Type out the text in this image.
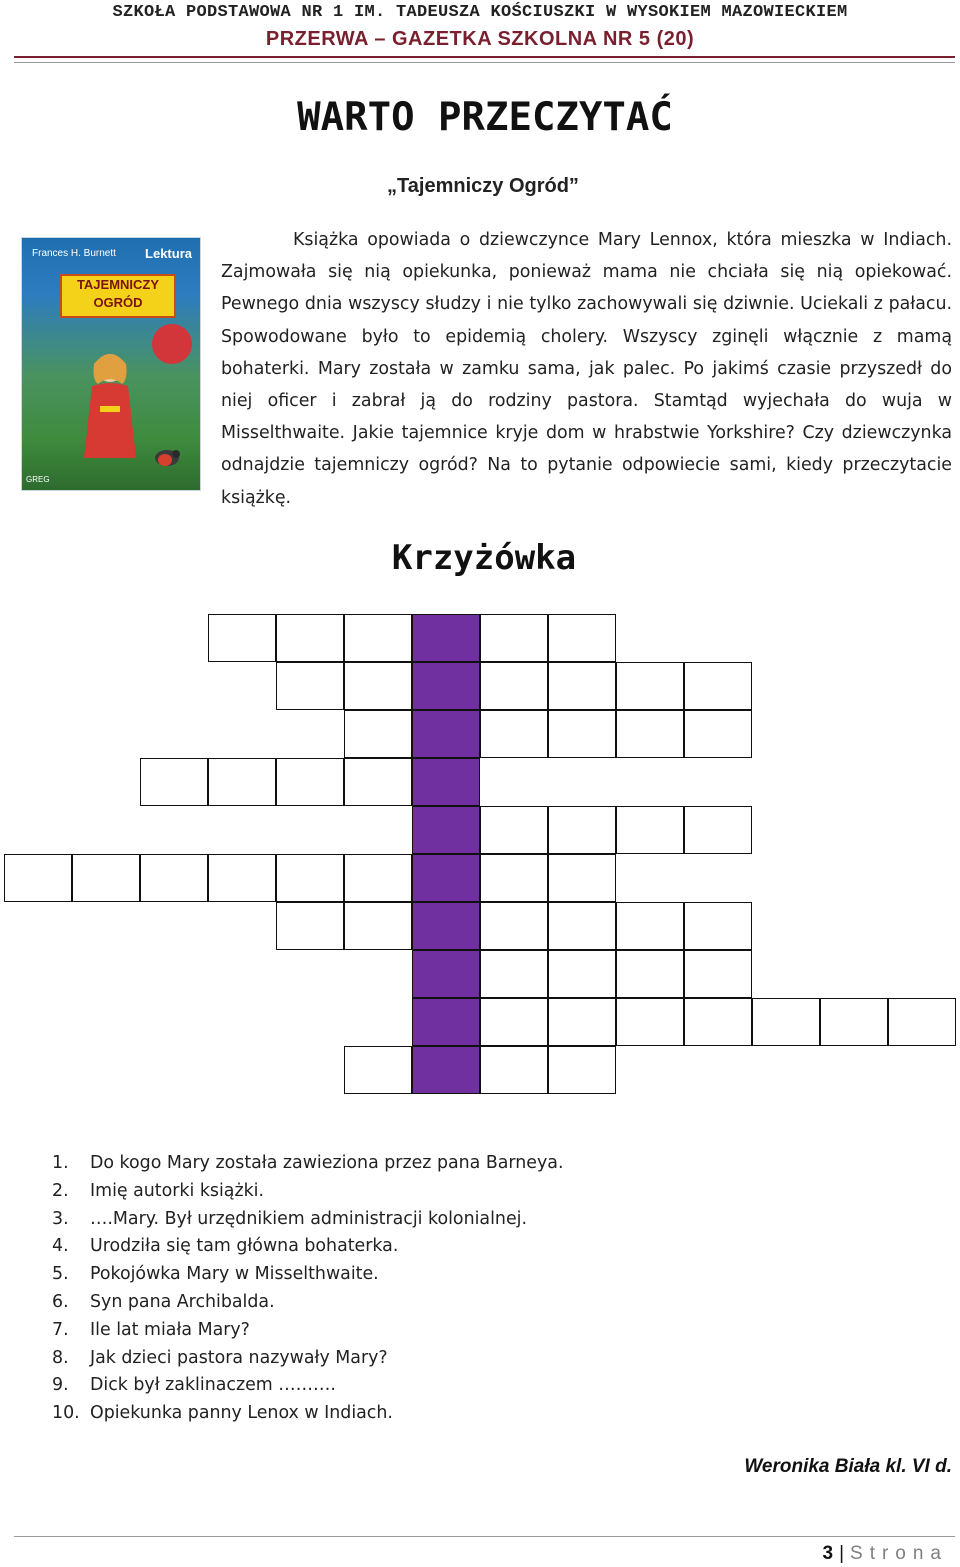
SZKOŁA PODSTAWOWA NR 1 IM. TADEUSZA KOŚCIUSZKI W WYSOKIEM MAZOWIECKIEM
PRZERWA – GAZETKA SZKOLNA NR 5 (20)
WARTO PRZECZYTAĆ
„Tajemniczy Ogród”
Frances H. Burnett Lektura
TAJEMNICZY
OGRÓD
GREG

Książka opowiada o dziewczynce Mary Lennox, która mieszka w Indiach. Zajmowała się nią opiekunka, ponieważ mama nie chciała się nią opiekować. Pewnego dnia wszyscy słudzy i nie tylko zachowywali się dziwnie. Uciekali z pałacu. Spowodowane było to epidemią cholery. Wszyscy zginęli włącznie z mamą bohaterki. Mary została w zamku sama, jak palec. Po jakimś czasie przyszedł do niej oficer i zabrał ją do rodziny pastora. Stamtąd wyjechała do wuja w Misselthwaite. Jakie tajemnice kryje dom w hrabstwie Yorkshire? Czy dziewczynka odnajdzie tajemniczy ogród? Na to pytanie odpowiecie sami, kiedy przeczytacie książkę.

Krzyżówka
1. Do kogo Mary została zawieziona przez pana Barneya.
2. Imię autorki książki.
3. ….Mary. Był urzędnikiem administracji kolonialnej.
4. Urodziła się tam główna bohaterka.
5. Pokojówka Mary w Misselthwaite.
6. Syn pana Archibalda.
7. Ile lat miała Mary?
8. Jak dzieci pastora nazywały Mary?
9. Dick był zaklinaczem ……….
10. Opiekunka panny Lenox w Indiach.
Weronika Biała kl. VI d.
3 | Strona
